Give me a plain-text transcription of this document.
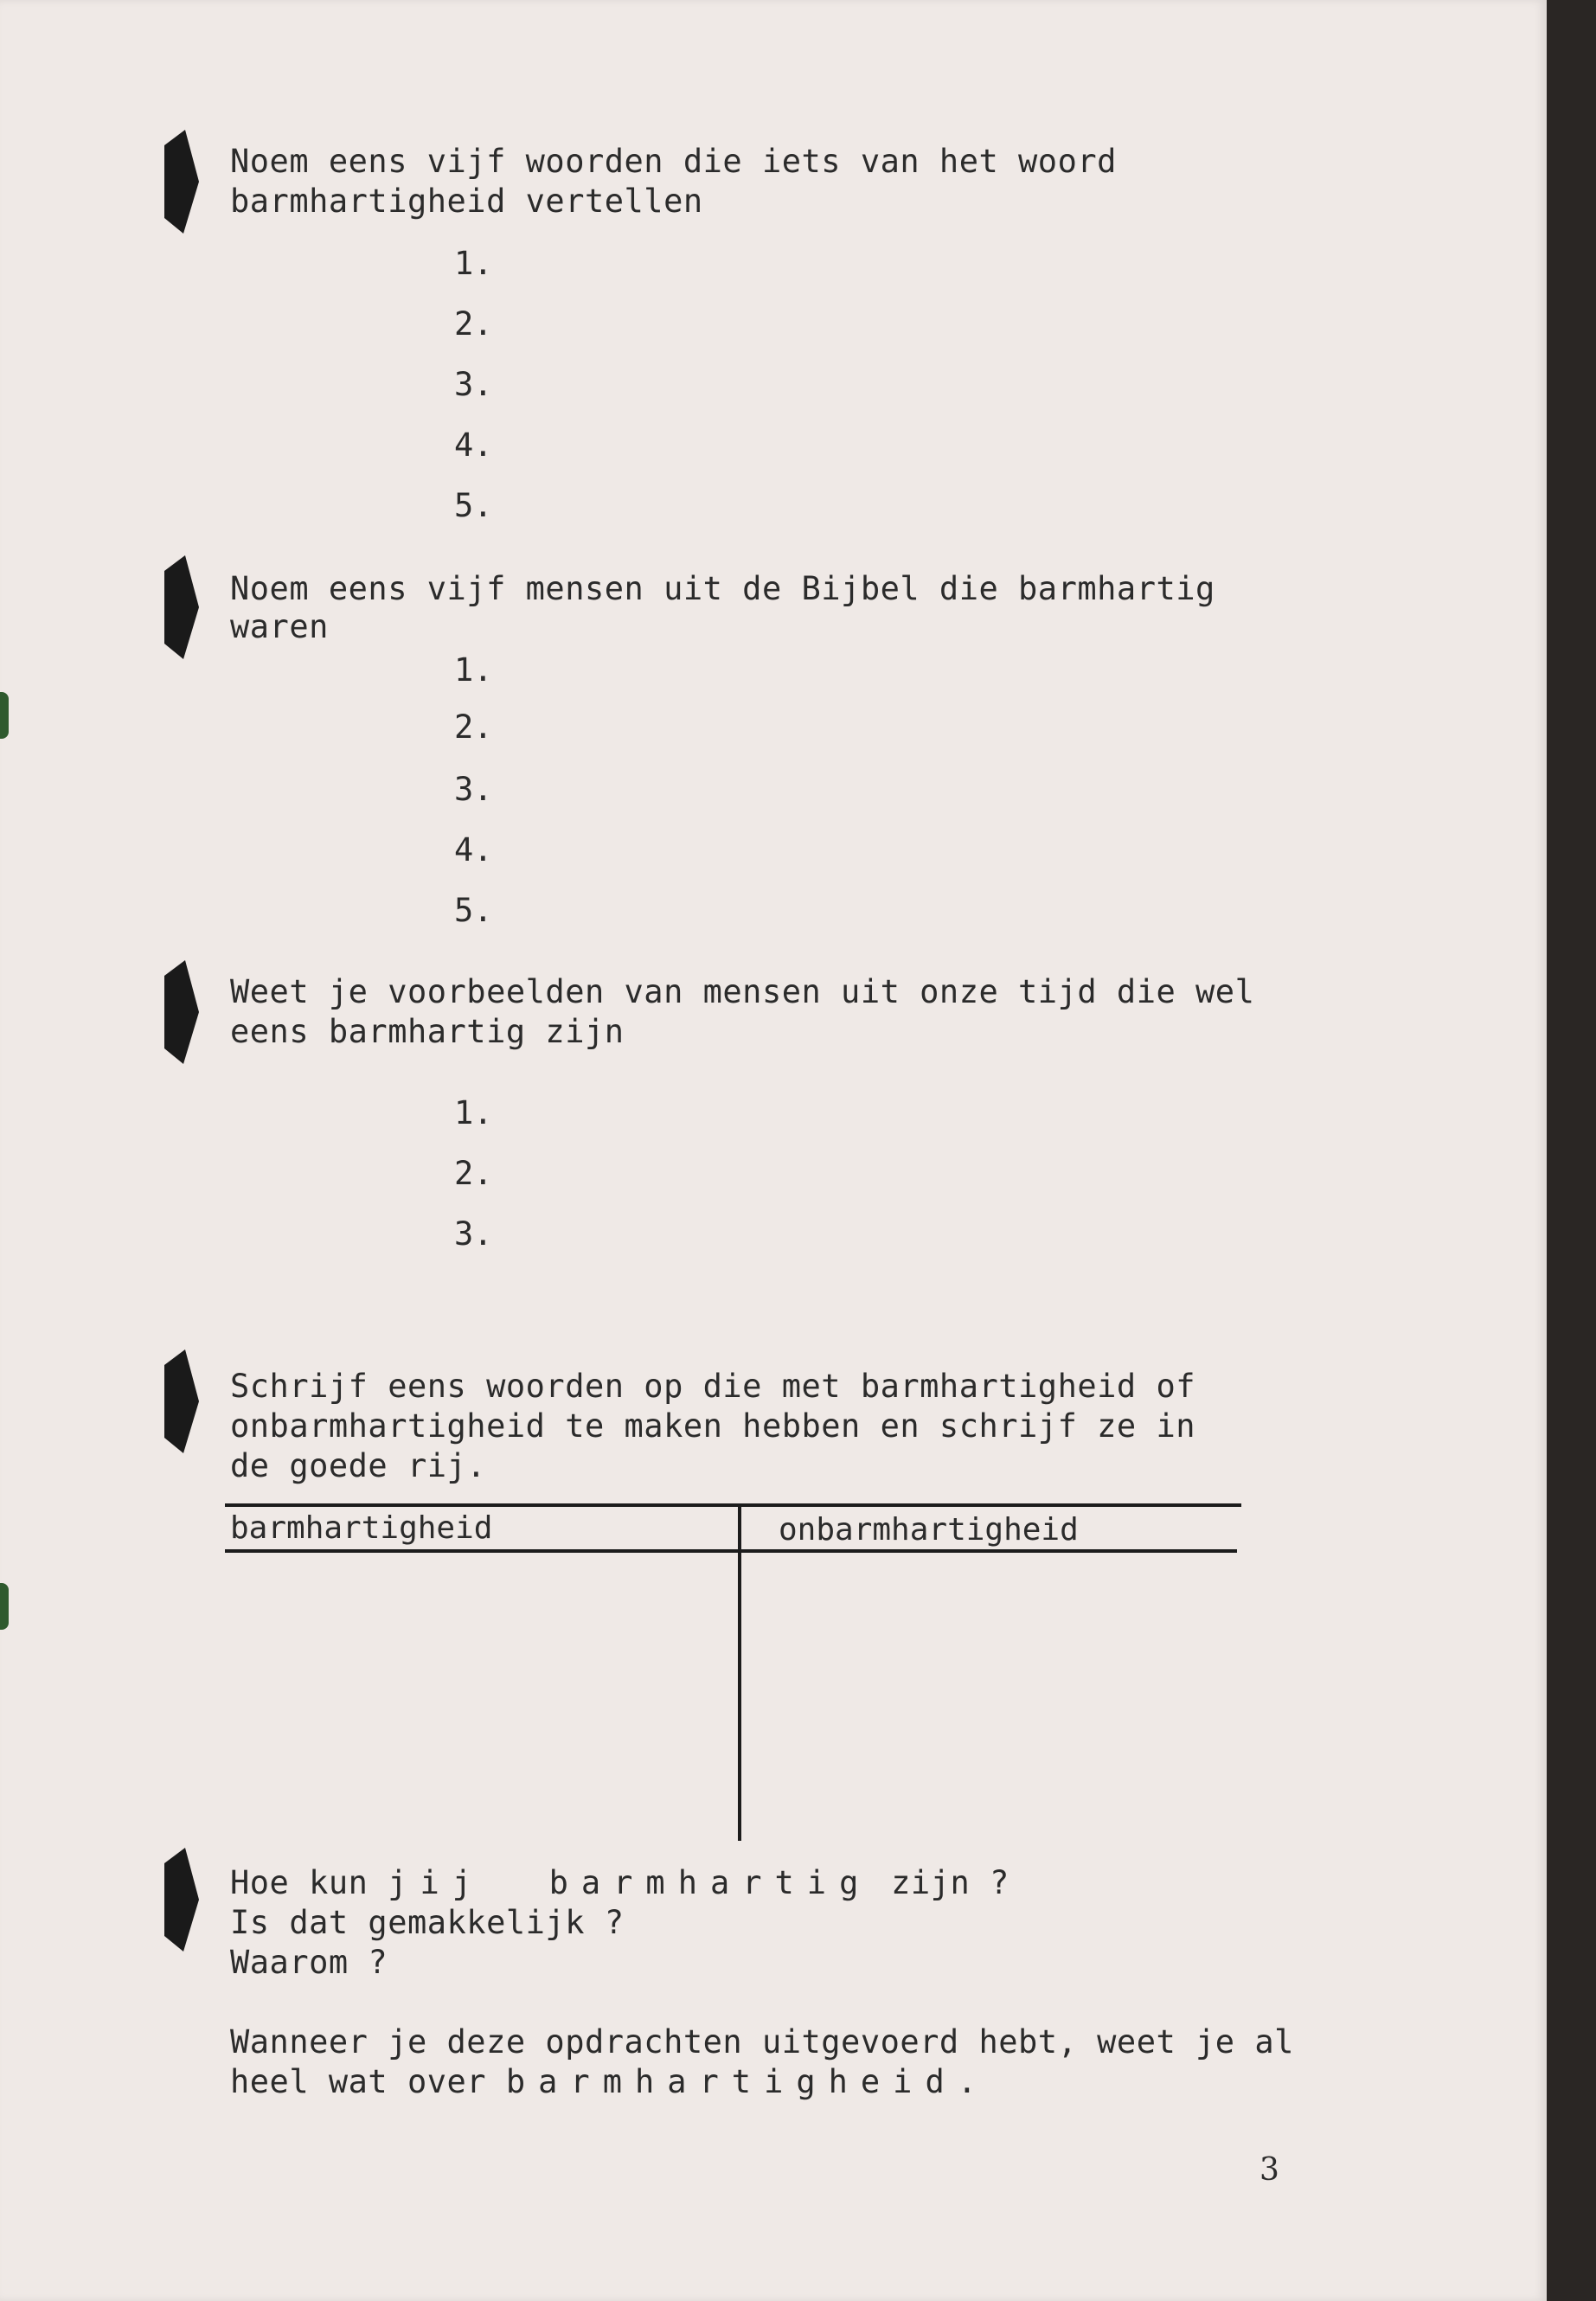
Noem eens vijf woorden die iets van het woord
barmhartigheid vertellen
1.
2.
3.
4.
5.
Noem eens vijf mensen uit de Bijbel die barmhartig
waren
1.
2.
3.
4.
5.
Weet je voorbeelden van mensen uit onze tijd die wel
eens barmhartig zijn
1.
2.
3.
Schrijf eens woorden op die met barmhartigheid of
onbarmhartigheid te maken hebben en schrijf ze in
de goede rij.
barmhartigheid	onbarmhartigheid
Hoe kun jij  barmhartig zijn ?
Is dat gemakkelijk ?
Waarom ?
Wanneer je deze opdrachten uitgevoerd hebt, weet je al
heel wat over barmhartigheid.
3
